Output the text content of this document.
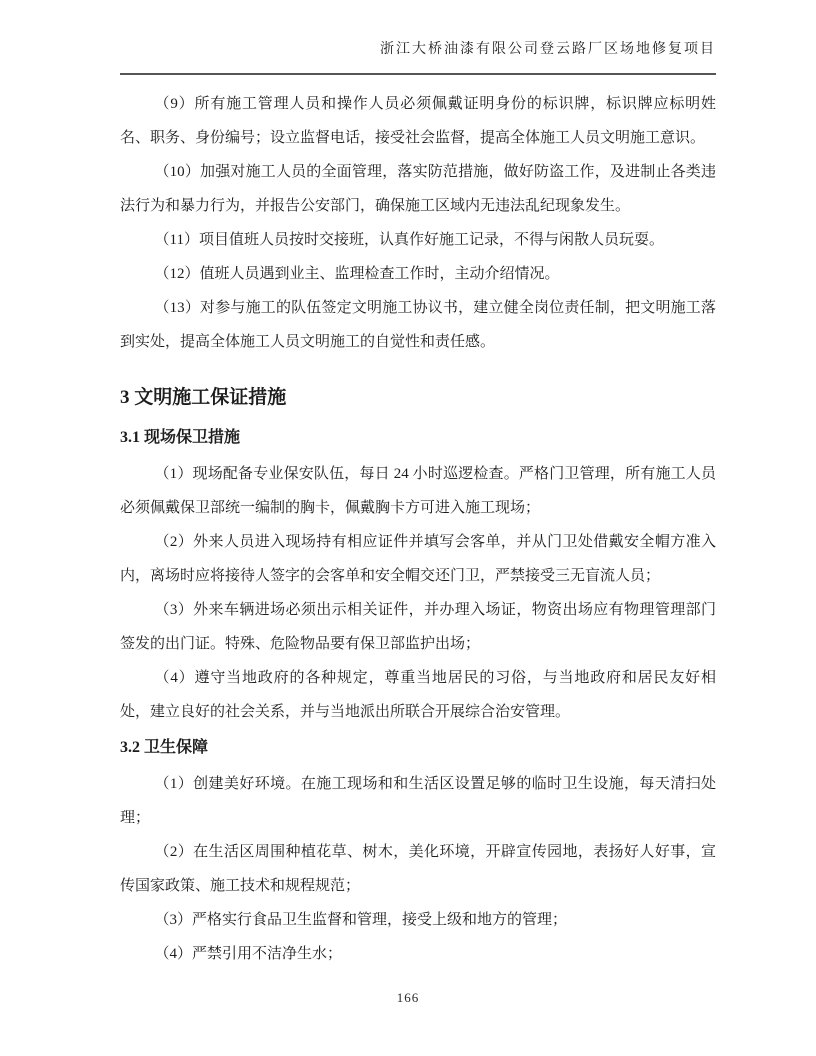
浙江大桥油漆有限公司登云路厂区场地修复项目

（9）所有施工管理人员和操作人员必须佩戴证明身份的标识牌，标识牌应标明姓名、职务、身份编号；设立监督电话，接受社会监督，提高全体施工人员文明施工意识。

（10）加强对施工人员的全面管理，落实防范措施，做好防盗工作，及进制止各类违法行为和暴力行为，并报告公安部门，确保施工区域内无违法乱纪现象发生。

（11）项目值班人员按时交接班，认真作好施工记录，不得与闲散人员玩耍。

（12）值班人员遇到业主、监理检查工作时，主动介绍情况。

（13）对参与施工的队伍签定文明施工协议书，建立健全岗位责任制，把文明施工落到实处，提高全体施工人员文明施工的自觉性和责任感。

3 文明施工保证措施
3.1 现场保卫措施

（1）现场配备专业保安队伍，每日 24 小时巡逻检查。严格门卫管理，所有施工人员必须佩戴保卫部统一编制的胸卡，佩戴胸卡方可进入施工现场；

（2）外来人员进入现场持有相应证件并填写会客单，并从门卫处借戴安全帽方准入内，离场时应将接待人签字的会客单和安全帽交还门卫，严禁接受三无盲流人员；

（3）外来车辆进场必须出示相关证件，并办理入场证，物资出场应有物理管理部门签发的出门证。特殊、危险物品要有保卫部监护出场；

（4）遵守当地政府的各种规定，尊重当地居民的习俗，与当地政府和居民友好相处，建立良好的社会关系，并与当地派出所联合开展综合治安管理。

3.2 卫生保障

（1）创建美好环境。在施工现场和和生活区设置足够的临时卫生设施，每天清扫处理；

（2）在生活区周围种植花草、树木，美化环境，开辟宣传园地，表扬好人好事，宣传国家政策、施工技术和规程规范；

（3）严格实行食品卫生监督和管理，接受上级和地方的管理；

（4）严禁引用不洁净生水；

166
